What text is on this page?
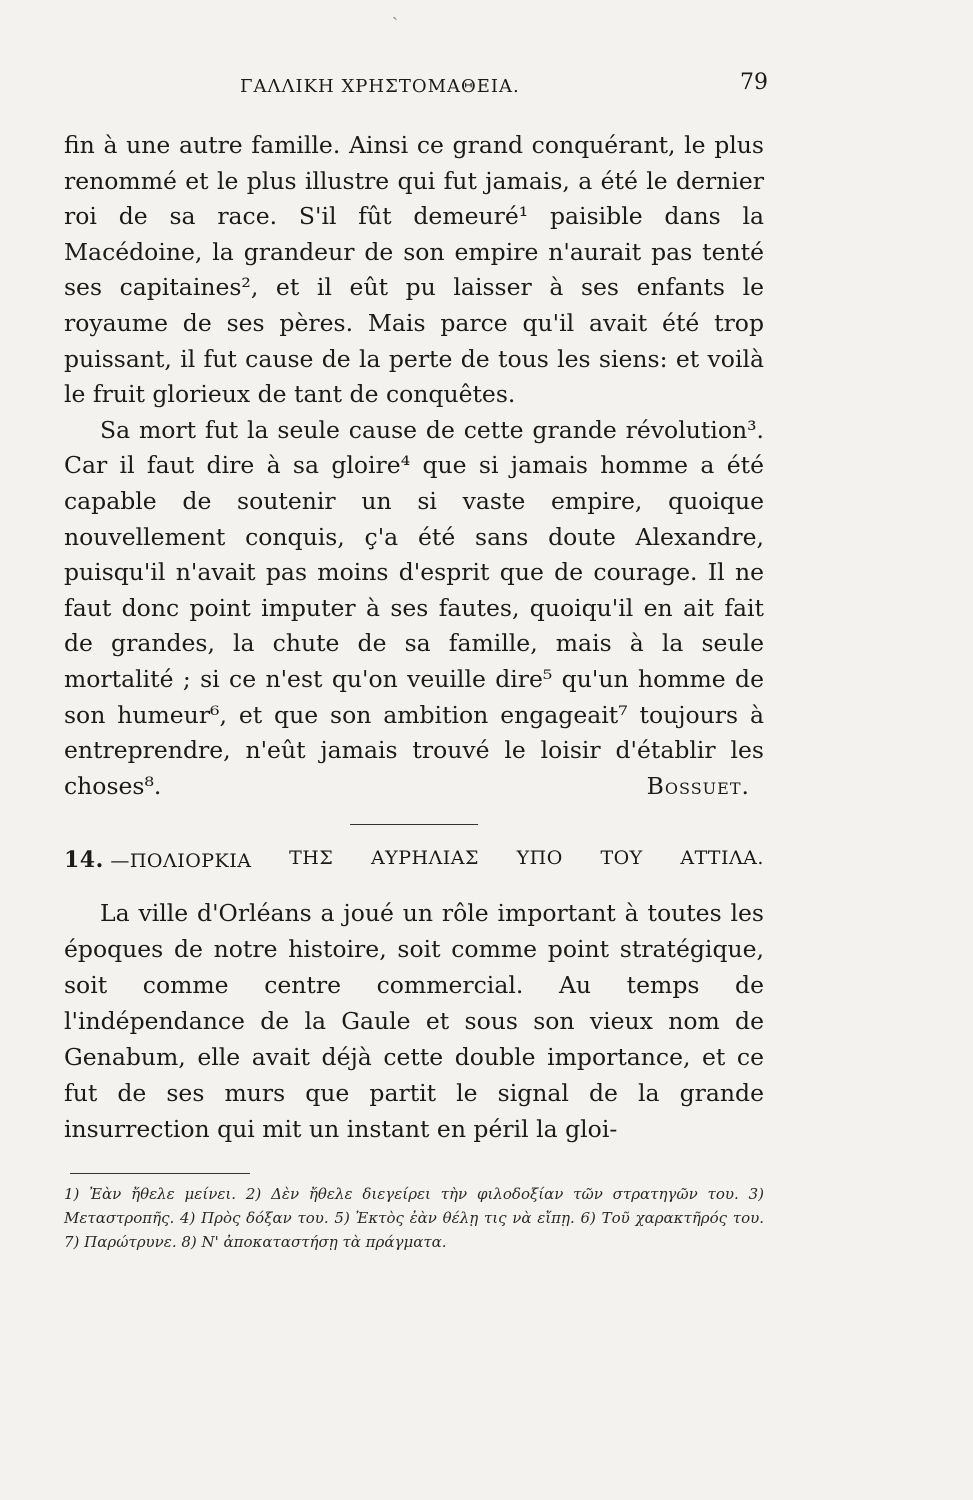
ˏ
ΓΑΛΛΙΚΗ ΧΡΗΣΤΟΜΑΘΕΙΑ.	79

fin à une autre famille. Ainsi ce grand conquérant, le plus renommé et le plus illustre qui fut jamais, a été le dernier roi de sa race. S'il fût demeuré¹ paisible dans la Macédoine, la grandeur de son empire n'aurait pas tenté ses capitaines², et il eût pu laisser à ses enfants le royaume de ses pères. Mais parce qu'il avait été trop puissant, il fut cause de la perte de tous les siens: et voilà le fruit glorieux de tant de conquêtes.

Sa mort fut la seule cause de cette grande révolution³. Car il faut dire à sa gloire⁴ que si jamais homme a été capable de soutenir un si vaste empire, quoique nouvellement conquis, ç'a été sans doute Alexandre, puisqu'il n'avait pas moins d'esprit que de courage. Il ne faut donc point imputer à ses fautes, quoiqu'il en ait fait de grandes, la chute de sa famille, mais à la seule mortalité ; si ce n'est qu'on veuille dire⁵ qu'un homme de son humeur⁶, et que son ambition engageait⁷ toujours à entreprendre, n'eût jamais trouvé le loisir d'établir les choses⁸.	Bossuet.

14. —ΠΟΛΙΟΡΚΙΑ ΤΗΣ ΑΥΡΗΛΙΑΣ ΥΠΟ ΤΟΥ ΑΤΤΙΛΑ.

La ville d'Orléans a joué un rôle important à toutes les époques de notre histoire, soit comme point stratégique, soit comme centre commercial. Au temps de l'indépendance de la Gaule et sous son vieux nom de Genabum, elle avait déjà cette double importance, et ce fut de ses murs que partit le signal de la grande insurrection qui mit un instant en péril la gloi-

1) Ἐὰν ἤθελε μείνει. 2) Δὲν ἤθελε διεγείρει τὴν φιλοδοξίαν τῶν στρατηγῶν του. 3) Μεταστροπῆς. 4) Πρὸς δόξαν του. 5) Ἐκτὸς ἐὰν θέλῃ τις νὰ εἴπῃ. 6) Τοῦ χαρακτῆρός του. 7) Παρώτρυνε. 8) Ν' ἀποκαταστήσῃ τὰ πράγματα.
